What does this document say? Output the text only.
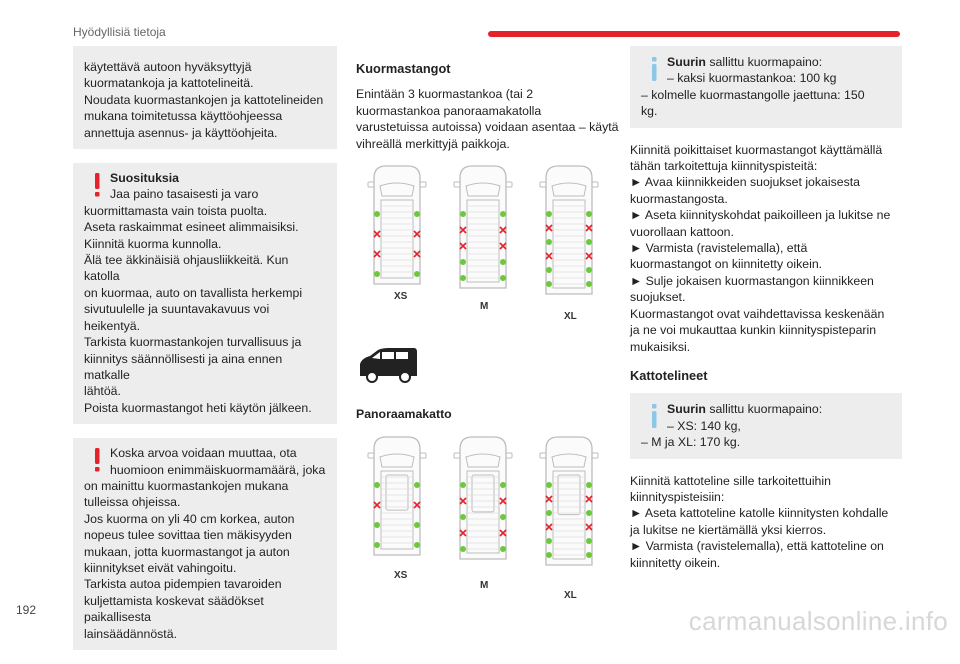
Hyödyllisiä tietoja

käytettävä autoon hyväksyttyjä

kuormatankoja ja kattotelineitä.

Noudata kuormastankojen ja kattotelineiden

mukana toimitetussa käyttöohjeessa

annettuja asennus- ja käyttöohjeita.

Suosituksia

Jaa paino tasaisesti ja varo

kuormittamasta vain toista puolta.

Aseta raskaimmat esineet alimmaisiksi.

Kiinnitä kuorma kunnolla.

Älä tee äkkinäisiä ohjausliikkeitä. Kun katolla

on kuormaa, auto on tavallista herkempi

sivutuulelle ja suuntavakavuus voi heikentyä.

Tarkista kuormastankojen turvallisuus ja

kiinnitys säännöllisesti ja aina ennen matkalle

lähtöä.

Poista kuormastangot heti käytön jälkeen.

Koska arvoa voidaan muuttaa, ota

huomioon enimmäiskuormamäärä, joka

on mainittu kuormastankojen mukana

tulleissa ohjeissa.

Jos kuorma on yli 40 cm korkea, auton

nopeus tulee sovittaa tien mäkisyyden

mukaan, jotta kuormastangot ja auton

kiinnitykset eivät vahingoitu.

Tarkista autoa pidempien tavaroiden

kuljettamista koskevat säädökset paikallisesta

lainsäädännöstä.

Kuormastangot

Enintään 3 kuormastankoa (tai 2

kuormastankoa panoraamakatolla

varustetuissa autoissa) voidaan asentaa – käytä

vihreällä merkittyjä paikkoja.

XS
M
XL

Panoraamakatto

XS
M
XL

Suurin sallittu kuormapaino:

– kaksi kuormastankoa: 100 kg

– kolmelle kuormastangolle jaettuna: 150

kg.

Kiinnitä poikittaiset kuormastangot käyttämällä

tähän tarkoitettuja kiinnityspisteitä:

► Avaa kiinnikkeiden suojukset jokaisesta

kuormastangosta.

► Aseta kiinnityskohdat paikoilleen ja lukitse ne

vuorollaan kattoon.

► Varmista (ravistelemalla), että

kuormastangot on kiinnitetty oikein.

► Sulje jokaisen kuormastangon kiinnikkeen

suojukset.

Kuormastangot ovat vaihdettavissa keskenään

ja ne voi mukauttaa kunkin kiinnityspisteparin

mukaisiksi.

Kattotelineet

Suurin sallittu kuormapaino:

– XS: 140 kg,

– M ja XL: 170 kg.

Kiinnitä kattoteline sille tarkoitettuihin

kiinnityspisteisiin:

► Aseta kattoteline katolle kiinnitysten kohdalle

ja lukitse ne kiertämällä yksi kierros.

► Varmista (ravistelemalla), että kattoteline on

kiinnitetty oikein.

192	carmanualsonline.info
